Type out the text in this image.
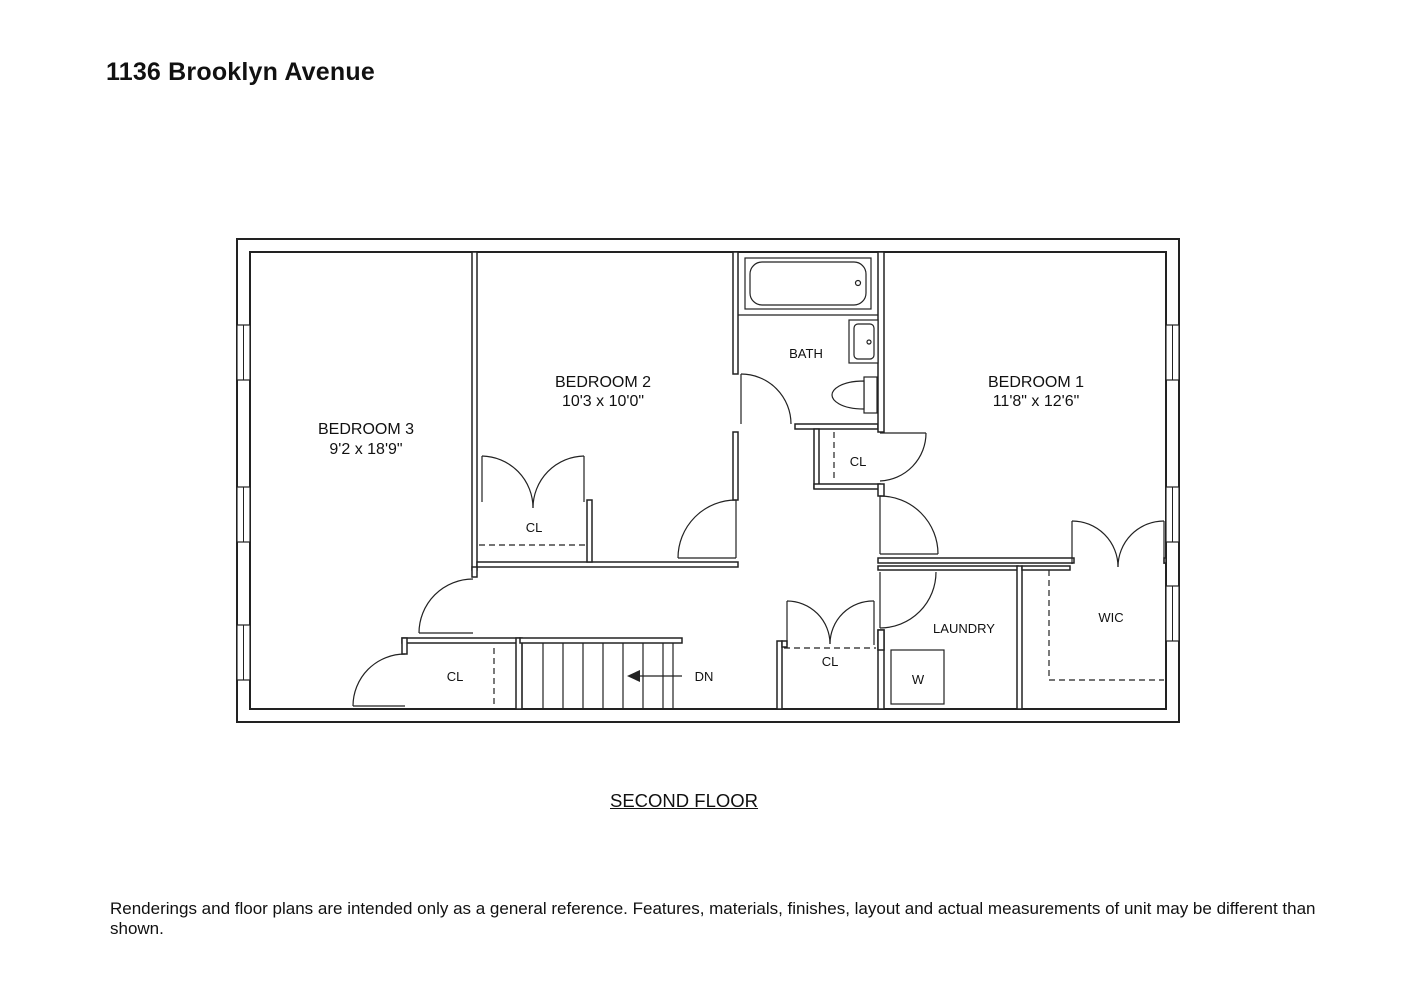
1136 Brooklyn Avenue
BEDROOM 3
9'2 x 18'9"
BEDROOM 2
10'3 x 10'0"
BEDROOM 1
11'8" x 12'6"
BATH
LAUNDRY
WIC
W
DN
CL
CL
CL
CL
SECOND FLOOR
Renderings and floor plans are intended only as a general reference. Features, materials, finishes, layout and actual measurements of unit may be different than shown.
